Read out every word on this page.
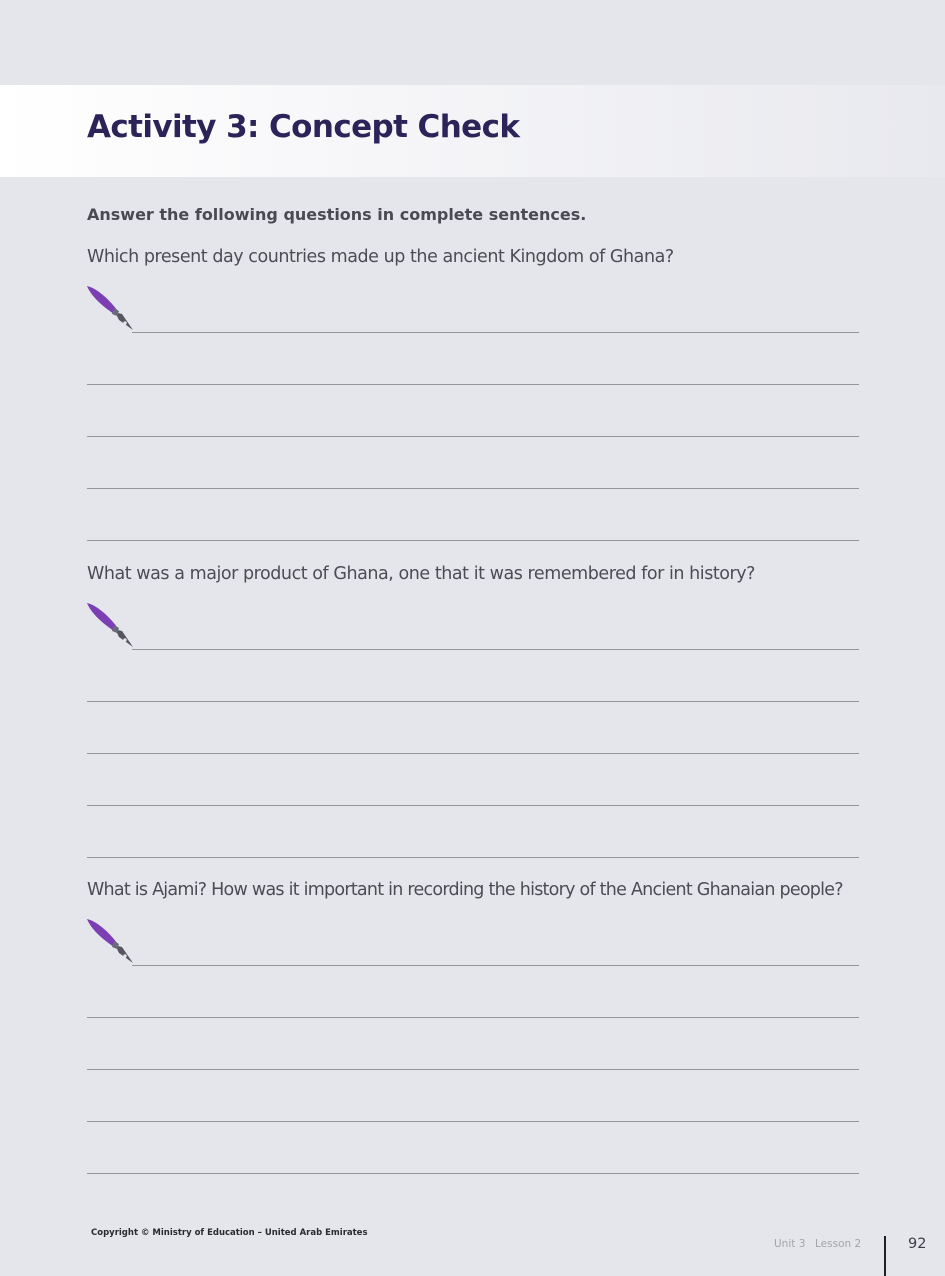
Activity 3: Concept Check
Answer the following questions in complete sentences.
Which present day countries made up the ancient Kingdom of Ghana?
What was a major product of Ghana, one that it was remembered for in history?
What is Ajami? How was it important in recording the history of the Ancient Ghanaian people?
Copyright © Ministry of Education – United Arab Emirates
Unit 3 Lesson 2	92
